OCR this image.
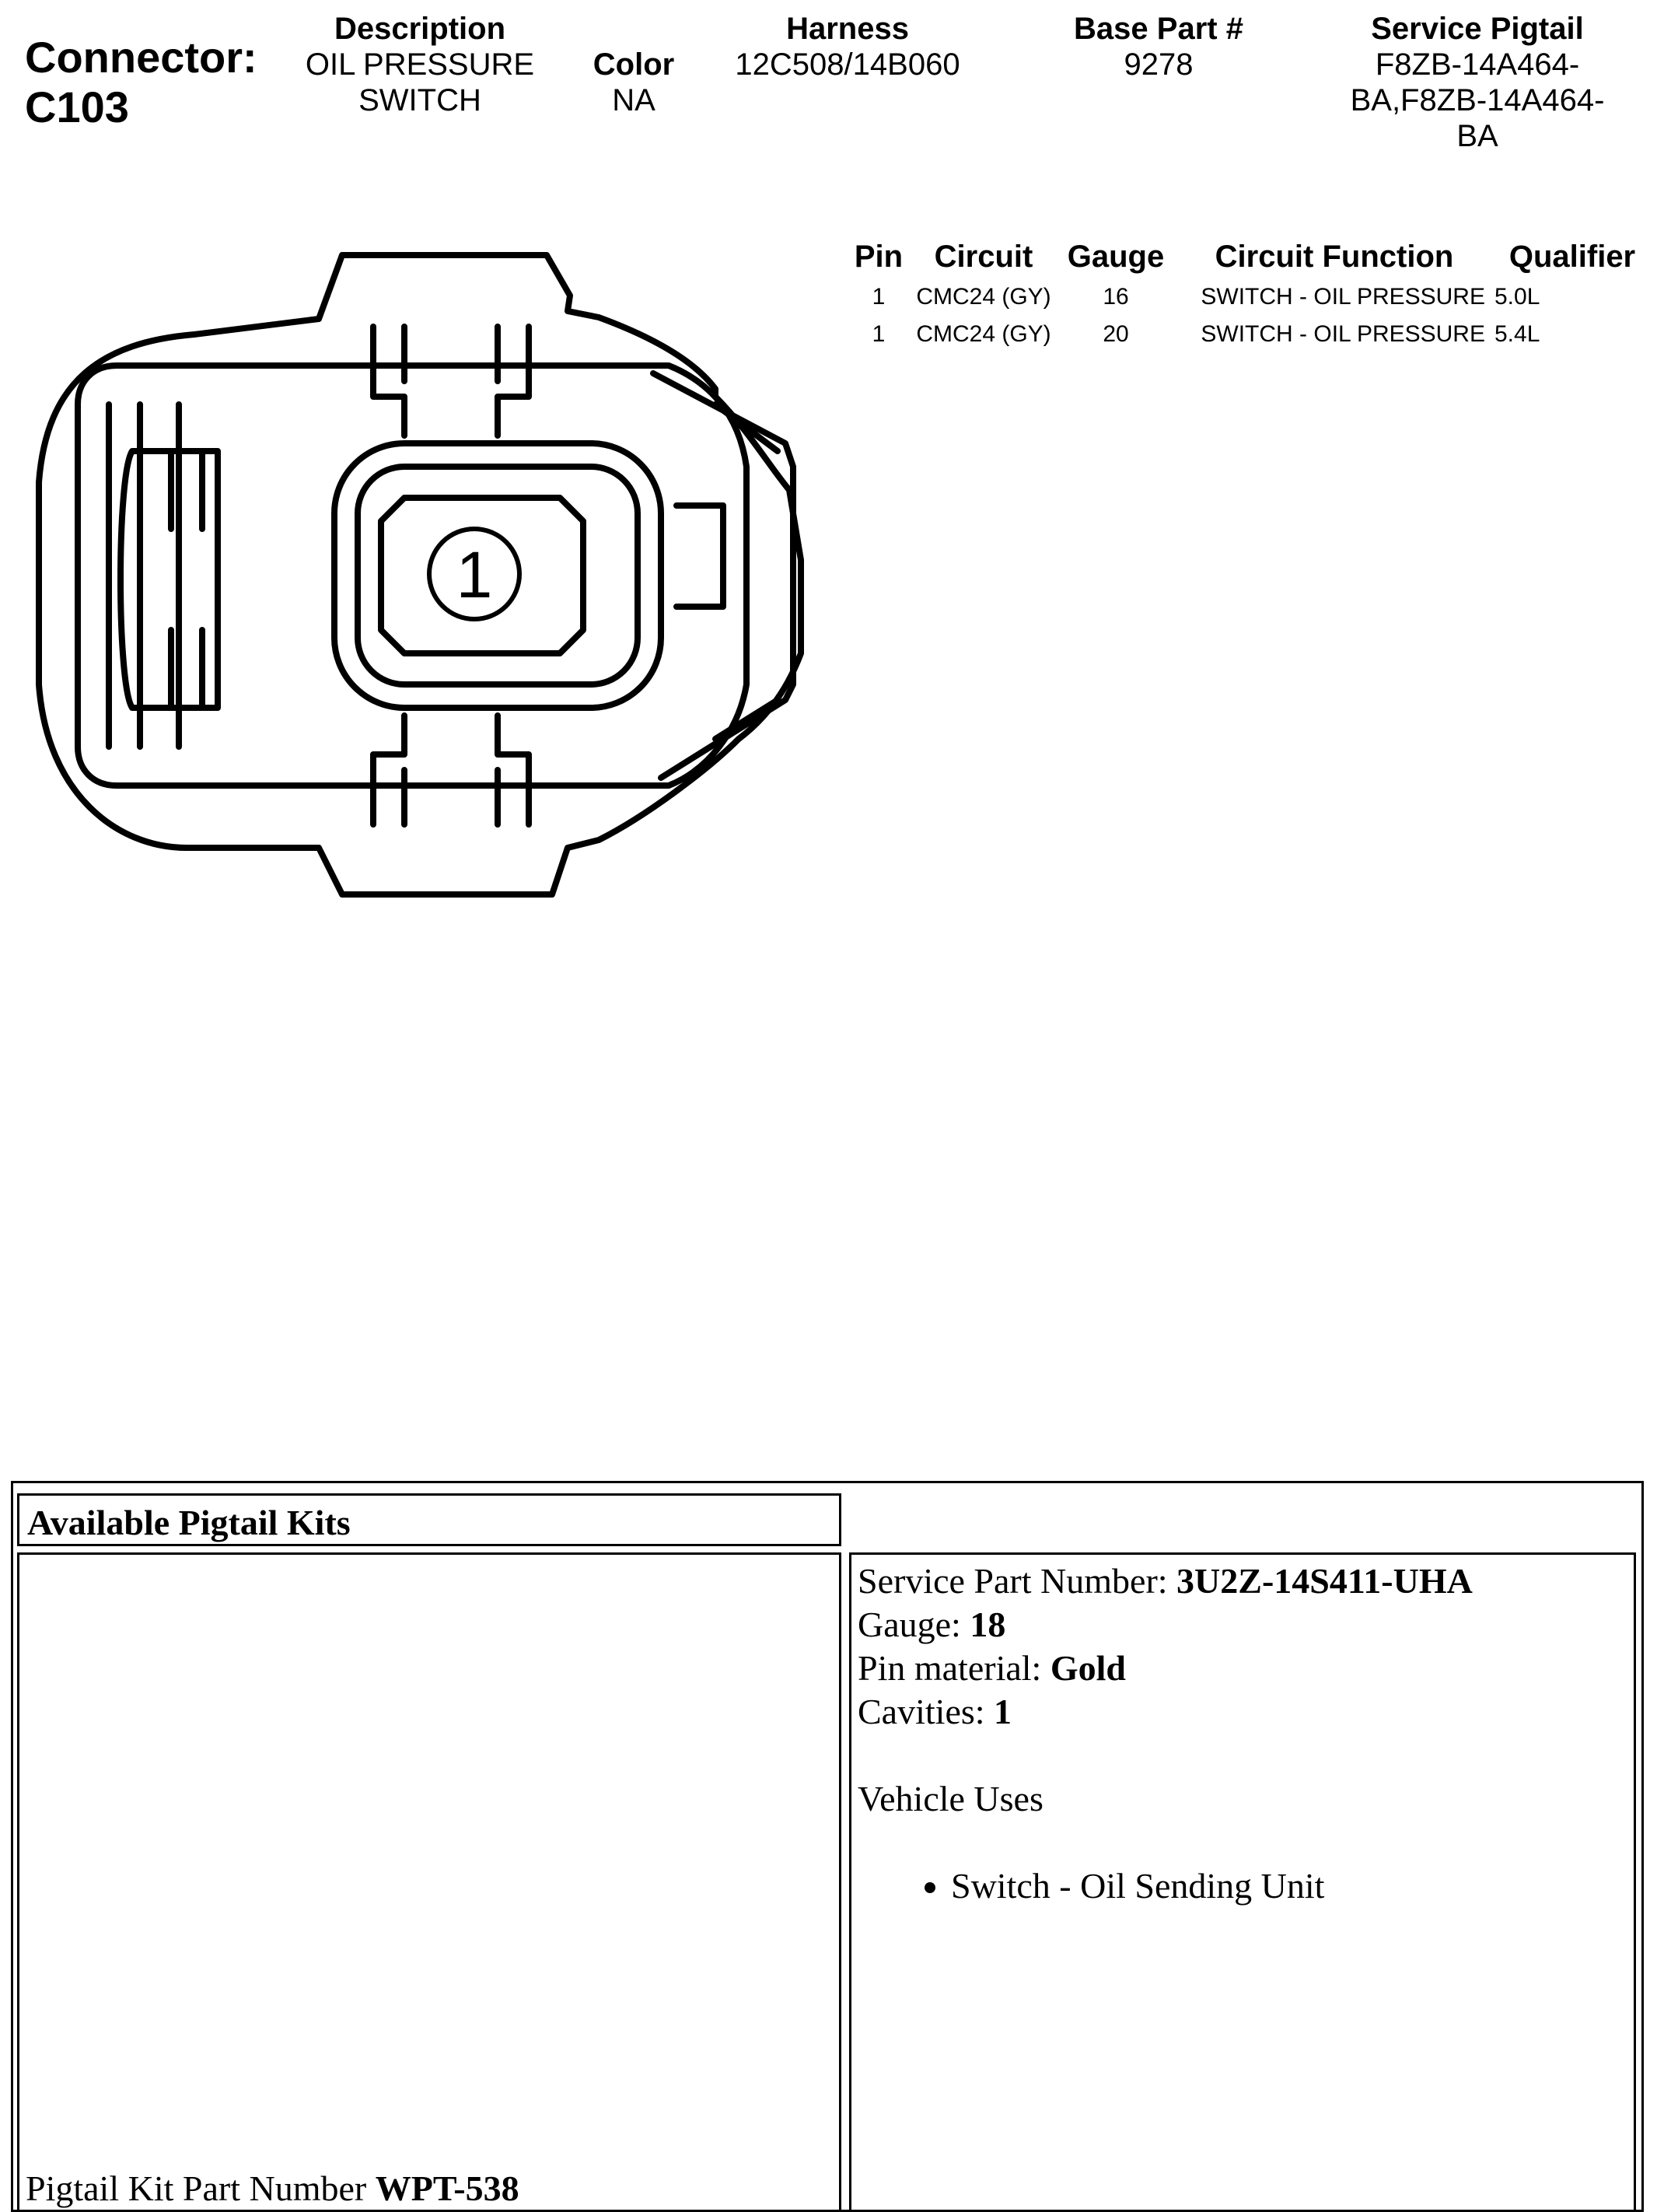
Connector:
C103
Description
OIL PRESSURE
SWITCH
Color
NA
Harness
12C508/14B060
Base Part #
9278
Service Pigtail
F8ZB-14A464-
BA,F8ZB-14A464-
BA
1
Pin	Circuit	Gauge	Circuit Function	Qualifier
1	CMC24 (GY)	16	SWITCH - OIL PRESSURE	5.0L
1	CMC24 (GY)	20	SWITCH - OIL PRESSURE	5.4L
Available Pigtail Kits
Pigtail Kit Part Number WPT-538
Service Part Number: 3U2Z-14S411-UHA
Gauge: 18
Pin material: Gold
Cavities: 1
Vehicle Uses
• Switch - Oil Sending Unit
